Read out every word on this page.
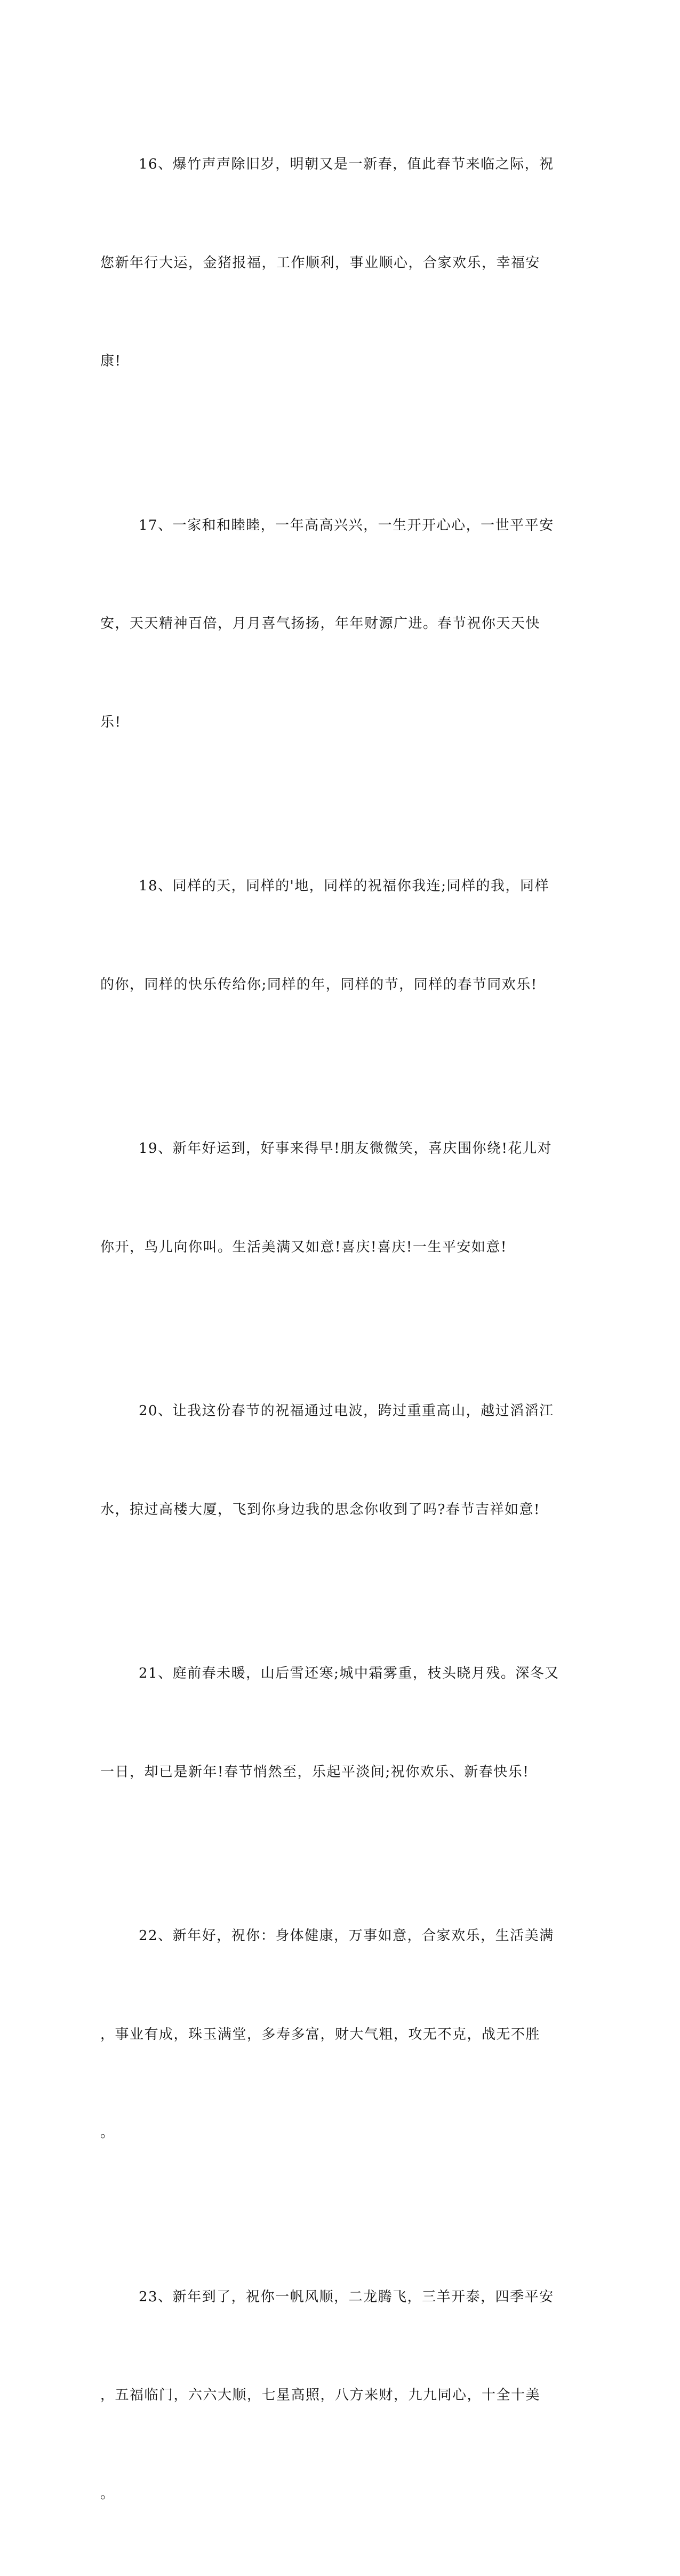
16、爆竹声声除旧岁，明朝又是一新春，值此春节来临之际，祝

您新年行大运，金猪报福，工作顺利，事业顺心，合家欢乐，幸福安

康!

17、一家和和睦睦，一年高高兴兴，一生开开心心，一世平平安

安，天天精神百倍，月月喜气扬扬，年年财源广进。春节祝你天天快

乐!

18、同样的天，同样的'地，同样的祝福你我连;同样的我，同样

的你，同样的快乐传给你;同样的年，同样的节，同样的春节同欢乐!

19、新年好运到，好事来得早!朋友微微笑，喜庆围你绕!花儿对

你开，鸟儿向你叫。生活美满又如意!喜庆!喜庆!一生平安如意!

20、让我这份春节的祝福通过电波，跨过重重高山，越过滔滔江

水，掠过高楼大厦，飞到你身边我的思念你收到了吗?春节吉祥如意!

21、庭前春未暖，山后雪还寒;城中霜雾重，枝头晓月残。深冬又

一日，却已是新年!春节悄然至，乐起平淡间;祝你欢乐、新春快乐!

22、新年好，祝你：身体健康，万事如意，合家欢乐，生活美满

，事业有成，珠玉满堂，多寿多富，财大气粗，攻无不克，战无不胜

。

23、新年到了，祝你一帆风顺，二龙腾飞，三羊开泰，四季平安

，五福临门，六六大顺，七星高照，八方来财，九九同心，十全十美

。
